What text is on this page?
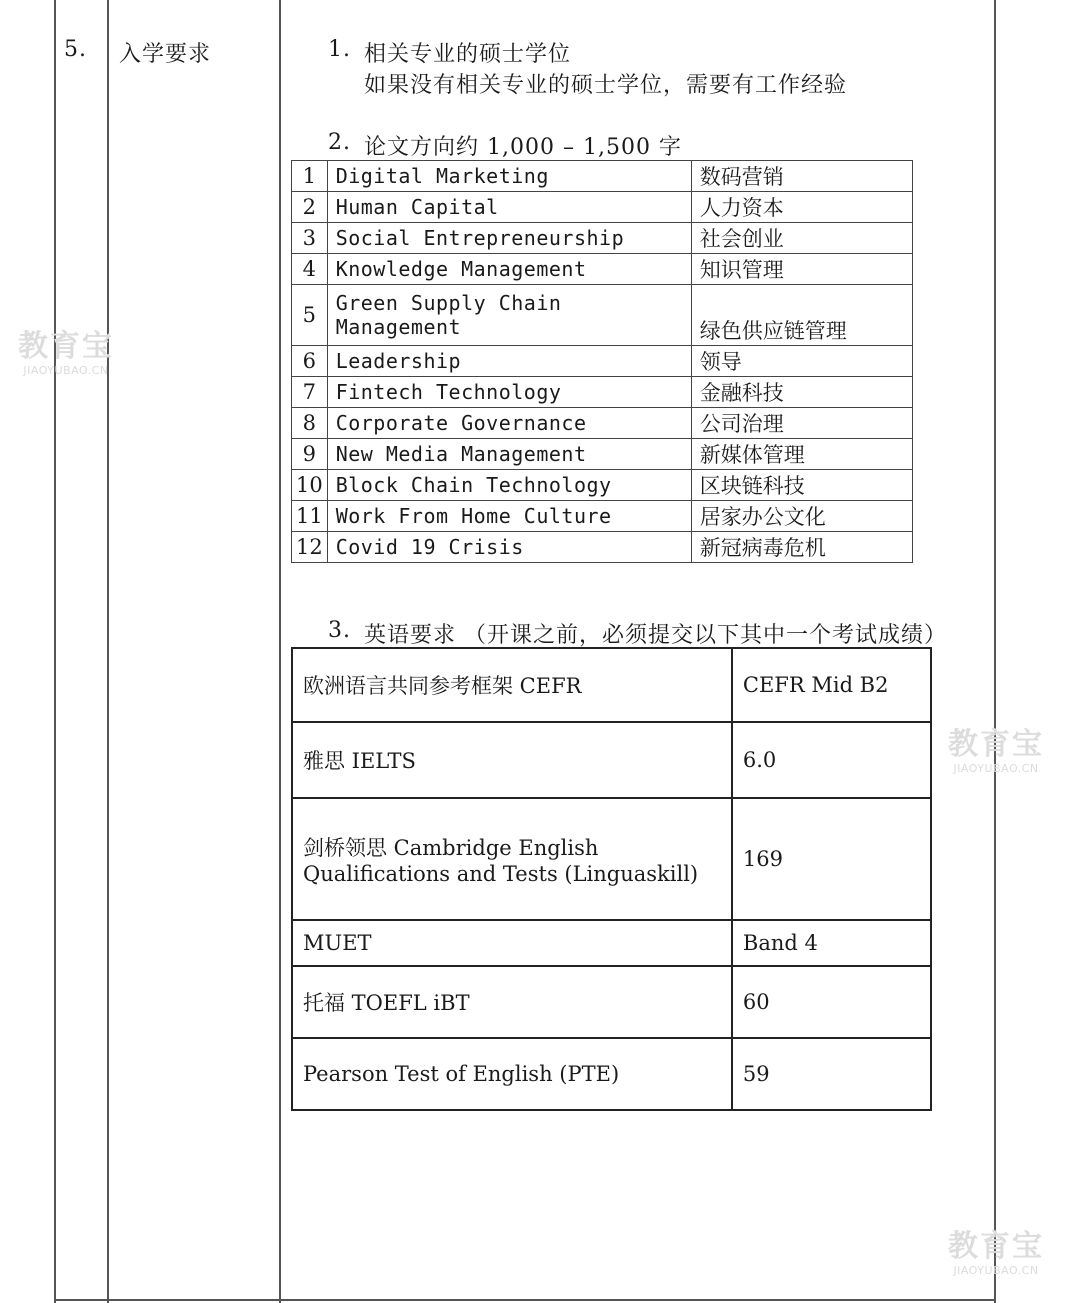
5. 入学要求	1. 相关专业的硕士学位
如果没有相关专业的硕士学位，需要有工作经验
2. 论文方向约 1,000 – 1,500 字
1	Digital Marketing	数码营销
2	Human Capital	人力资本
3	Social Entrepreneurship	社会创业
4	Knowledge Management	知识管理
5	Green Supply Chain Management	绿色供应链管理
6	Leadership	领导
7	Fintech Technology	金融科技
8	Corporate Governance	公司治理
9	New Media Management	新媒体管理
10	Block Chain Technology	区块链科技
11	Work From Home Culture	居家办公文化
12	Covid 19 Crisis	新冠病毒危机
3. 英语要求 （开课之前，必须提交以下其中一个考试成绩）
欧洲语言共同参考框架 CEFR	CEFR Mid B2
雅思 IELTS	6.0
剑桥领思 Cambridge English Qualifications and Tests (Linguaskill)	169
MUET	Band 4
托福 TOEFL iBT	60
Pearson Test of English (PTE)	59
教育宝
JIAOYUBAO.CN
教育宝
JIAOYUBAO.CN
教育宝
JIAOYUBAO.CN
